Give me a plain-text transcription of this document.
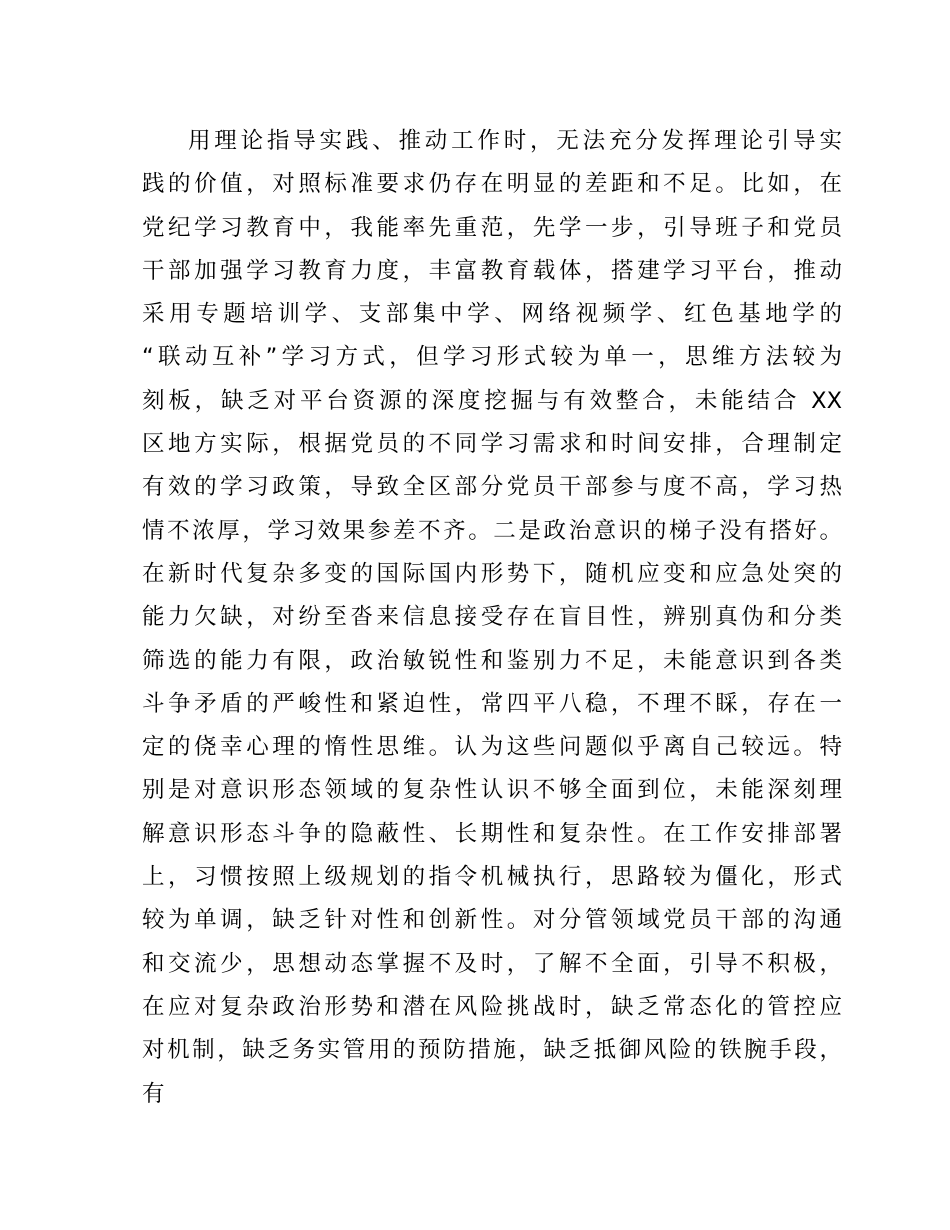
用理论指导实践、推动工作时，无法充分发挥理论引导实
践的价值，对照标准要求仍存在明显的差距和不足。比如，在
党纪学习教育中，我能率先重范，先学一步，引导班子和党员
干部加强学习教育力度，丰富教育载体，搭建学习平台，推动
采用专题培训学、支部集中学、网络视频学、红色基地学的
“联动互补”学习方式，但学习形式较为单一，思维方法较为
刻板，缺乏对平台资源的深度挖掘与有效整合，未能结合 XX
区地方实际，根据党员的不同学习需求和时间安排，合理制定
有效的学习政策，导致全区部分党员干部参与度不高，学习热
情不浓厚，学习效果参差不齐。二是政治意识的梯子没有搭好。
在新时代复杂多变的国际国内形势下，随机应变和应急处突的
能力欠缺，对纷至沓来信息接受存在盲目性，辨别真伪和分类
筛选的能力有限，政治敏锐性和鉴别力不足，未能意识到各类
斗争矛盾的严峻性和紧迫性，常四平八稳，不理不睬，存在一
定的侥幸心理的惰性思维。认为这些问题似乎离自己较远。特
别是对意识形态领域的复杂性认识不够全面到位，未能深刻理
解意识形态斗争的隐蔽性、长期性和复杂性。在工作安排部署
上，习惯按照上级规划的指令机械执行，思路较为僵化，形式
较为单调，缺乏针对性和创新性。对分管领域党员干部的沟通
和交流少，思想动态掌握不及时，了解不全面，引导不积极，
在应对复杂政治形势和潜在风险挑战时，缺乏常态化的管控应
对机制，缺乏务实管用的预防措施，缺乏抵御风险的铁腕手段，
有
